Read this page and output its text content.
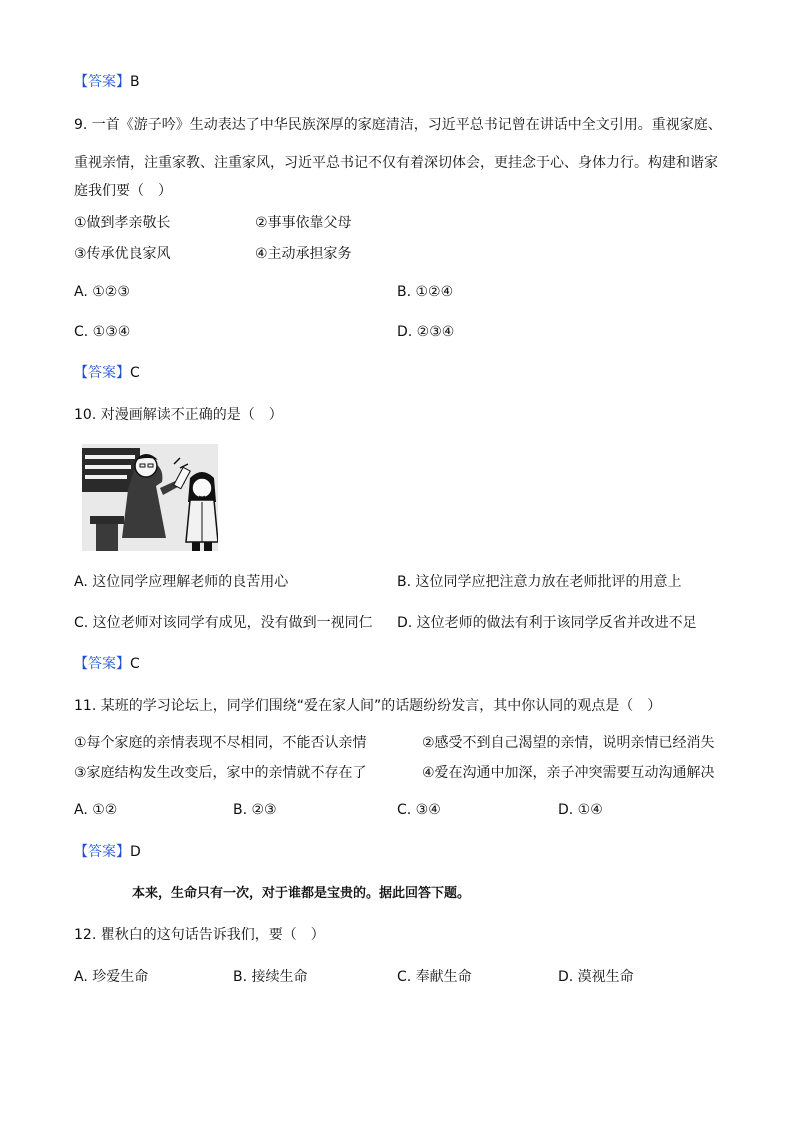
【答案】B
9. 一首《游子吟》生动表达了中华民族深厚的家庭清洁，习近平总书记曾在讲话中全文引用。重视家庭、
重视亲情，注重家教、注重家风，习近平总书记不仅有着深切体会，更挂念于心、身体力行。构建和谐家
庭我们要（　）
①做到孝亲敬长	②事事依靠父母
③传承优良家风	④主动承担家务
A. ①②③	B. ①②④
C. ①③④	D. ②③④
【答案】C
10. 对漫画解读不正确的是（　）
A. 这位同学应理解老师的良苦用心	B. 这位同学应把注意力放在老师批评的用意上
C. 这位老师对该同学有成见，没有做到一视同仁 D. 这位老师的做法有利于该同学反省并改进不足
【答案】C
11. 某班的学习论坛上，同学们围绕“爱在家人间”的话题纷纷发言，其中你认同的观点是（　）
①每个家庭的亲情表现不尽相同，不能否认亲情	②感受不到自己渴望的亲情，说明亲情已经消失
③家庭结构发生改变后，家中的亲情就不存在了	④爱在沟通中加深，亲子冲突需要互动沟通解决
A. ①②	B. ②③	C. ③④	D. ①④
【答案】D
本来，生命只有一次，对于谁都是宝贵的。据此回答下题。
12. 瞿秋白的这句话告诉我们，要（　）
A. 珍爱生命	B. 接续生命	C. 奉献生命	D. 漠视生命
